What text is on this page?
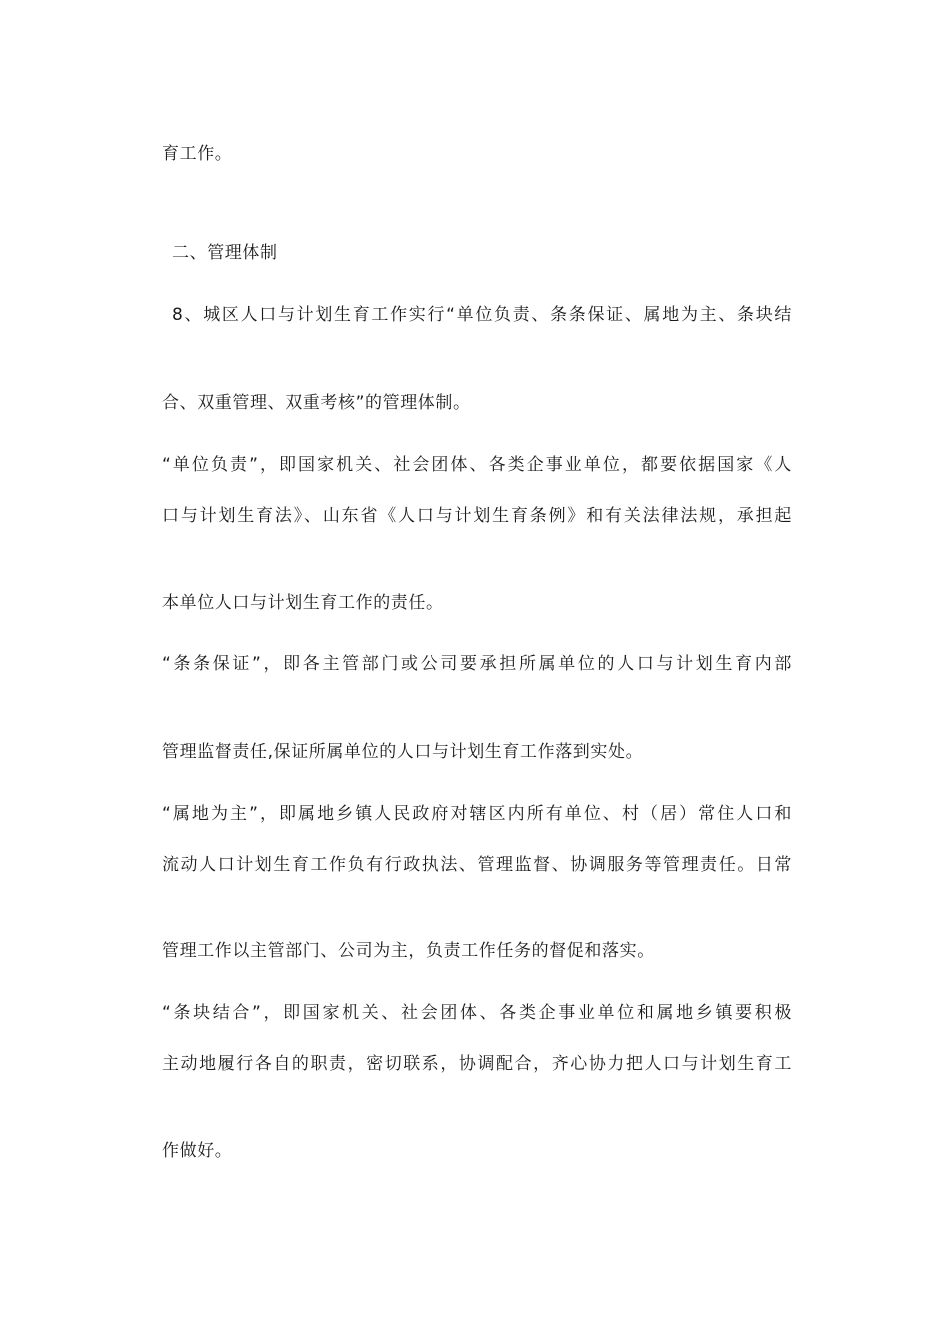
育工作。
二、管理体制
8、城区人口与计划生育工作实行“单位负责、条条保证、属地为主、条块结
合、双重管理、双重考核”的管理体制。
“单位负责”，即国家机关、社会团体、各类企事业单位，都要依据国家《人
口与计划生育法》、山东省《人口与计划生育条例》和有关法律法规，承担起
本单位人口与计划生育工作的责任。
“条条保证”，即各主管部门或公司要承担所属单位的人口与计划生育内部
管理监督责任,保证所属单位的人口与计划生育工作落到实处。
“属地为主”，即属地乡镇人民政府对辖区内所有单位、村（居）常住人口和
流动人口计划生育工作负有行政执法、管理监督、协调服务等管理责任。日常
管理工作以主管部门、公司为主，负责工作任务的督促和落实。
“条块结合”，即国家机关、社会团体、各类企事业单位和属地乡镇要积极
主动地履行各自的职责，密切联系，协调配合，齐心协力把人口与计划生育工
作做好。
